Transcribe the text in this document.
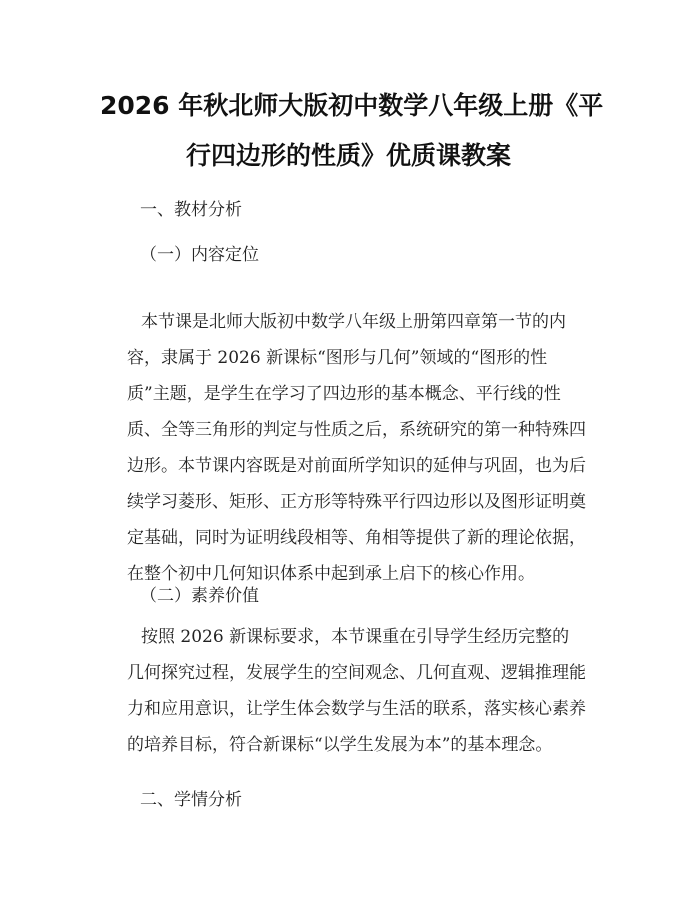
2026 年秋北师大版初中数学八年级上册《平
行四边形的性质》优质课教案
一、教材分析
（一）内容定位
本节课是北师大版初中数学八年级上册第四章第一节的内
容，隶属于 2026 新课标“图形与几何”领域的“图形的性
质”主题，是学生在学习了四边形的基本概念、平行线的性
质、全等三角形的判定与性质之后，系统研究的第一种特殊四
边形。本节课内容既是对前面所学知识的延伸与巩固，也为后
续学习菱形、矩形、正方形等特殊平行四边形以及图形证明奠
定基础，同时为证明线段相等、角相等提供了新的理论依据，
在整个初中几何知识体系中起到承上启下的核心作用。
（二）素养价值
按照 2026 新课标要求，本节课重在引导学生经历完整的
几何探究过程，发展学生的空间观念、几何直观、逻辑推理能
力和应用意识，让学生体会数学与生活的联系，落实核心素养
的培养目标，符合新课标“以学生发展为本”的基本理念。
二、学情分析
